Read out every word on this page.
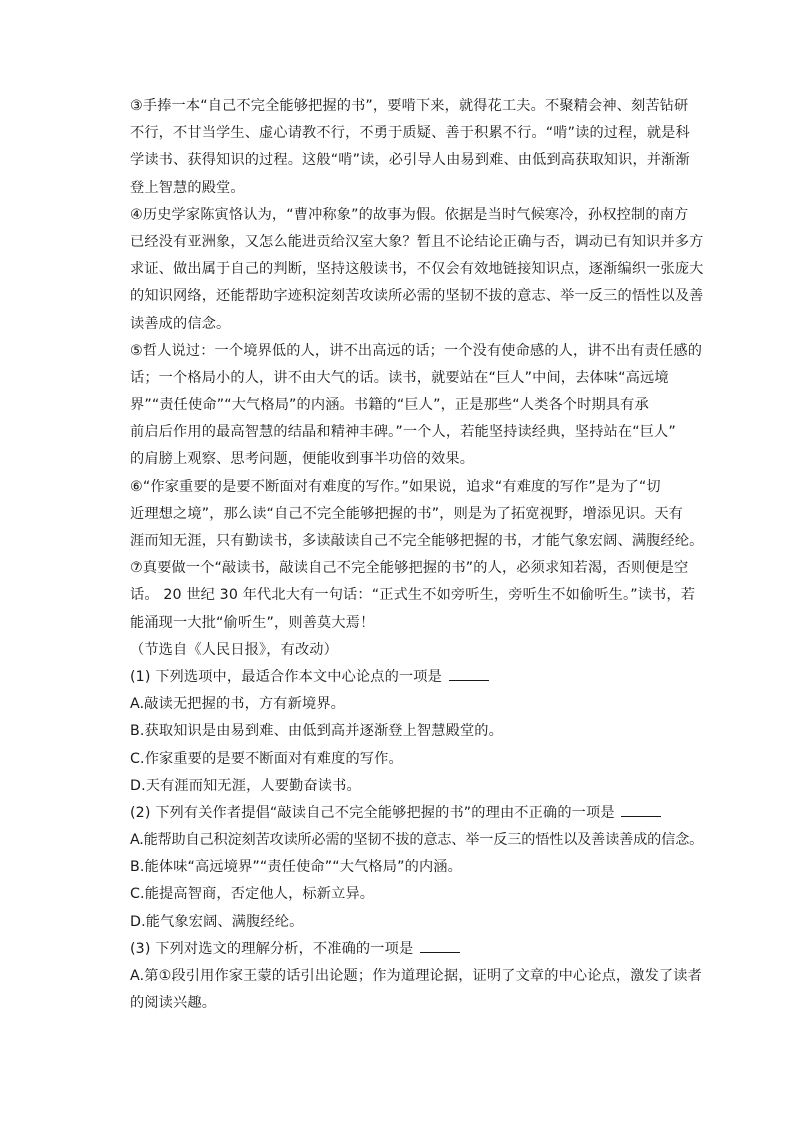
③手捧一本“自己不完全能够把握的书”，要啃下来，就得花工夫。不聚精会神、刻苦钻研
不行，不甘当学生、虚心请教不行，不勇于质疑、善于积累不行。“啃”读的过程，就是科
学读书、获得知识的过程。这般“啃”读，必引导人由易到难、由低到高获取知识，并渐渐
登上智慧的殿堂。
④历史学家陈寅恪认为，“曹冲称象”的故事为假。依据是当时气候寒冷，孙权控制的南方
已经没有亚洲象，又怎么能进贡给汉室大象？暂且不论结论正确与否，调动已有知识并多方
求证、做出属于自己的判断，坚持这般读书，不仅会有效地链接知识点，逐渐编织一张庞大
的知识网络，还能帮助字迹积淀刻苦攻读所必需的坚韧不拔的意志、举一反三的悟性以及善
读善成的信念。
⑤哲人说过：一个境界低的人，讲不出高远的话；一个没有使命感的人，讲不出有责任感的
话；一个格局小的人，讲不由大气的话。读书，就要站在“巨人”中间，去体味“高远境
界”“责任使命”“大气格局”的内涵。书籍的“巨人”，正是那些“人类各个时期具有承
前启后作用的最高智慧的结晶和精神丰碑。”一个人，若能坚持读经典，坚持站在“巨人”
的肩膀上观察、思考问题，便能收到事半功倍的效果。
⑥“作家重要的是要不断面对有难度的写作。”如果说，追求“有难度的写作”是为了“切
近理想之境”，那么读“自己不完全能够把握的书”，则是为了拓宽视野，增添见识。天有
涯而知无涯，只有勤读书，多读敲读自己不完全能够把握的书，才能气象宏阔、满腹经纶。
⑦真要做一个“敲读书，敲读自己不完全能够把握的书”的人，必须求知若渴，否则便是空
话。 20 世纪 30 年代北大有一句话：“正式生不如旁听生，旁听生不如偷听生。”读书，若
能涌现一大批“偷听生”，则善莫大焉！
（节选自《人民日报》，有改动）
(1) 下列选项中，最适合作本文中心论点的一项是
A.敲读无把握的书，方有新境界。
B.获取知识是由易到难、由低到高并逐渐登上智慧殿堂的。
C.作家重要的是要不断面对有难度的写作。
D.天有涯而知无涯，人要勤奋读书。
(2) 下列有关作者提倡“敲读自己不完全能够把握的书”的理由不正确的一项是
A.能帮助自己积淀刻苦攻读所必需的坚韧不拔的意志、举一反三的悟性以及善读善成的信念。
B.能体味“高远境界”“责任使命”“大气格局”的内涵。
C.能提高智商，否定他人，标新立异。
D.能气象宏阔、满腹经纶。
(3) 下列对选文的理解分析，不准确的一项是
A.第①段引用作家王蒙的话引出论题；作为道理论据，证明了文章的中心论点，激发了读者
的阅读兴趣。
